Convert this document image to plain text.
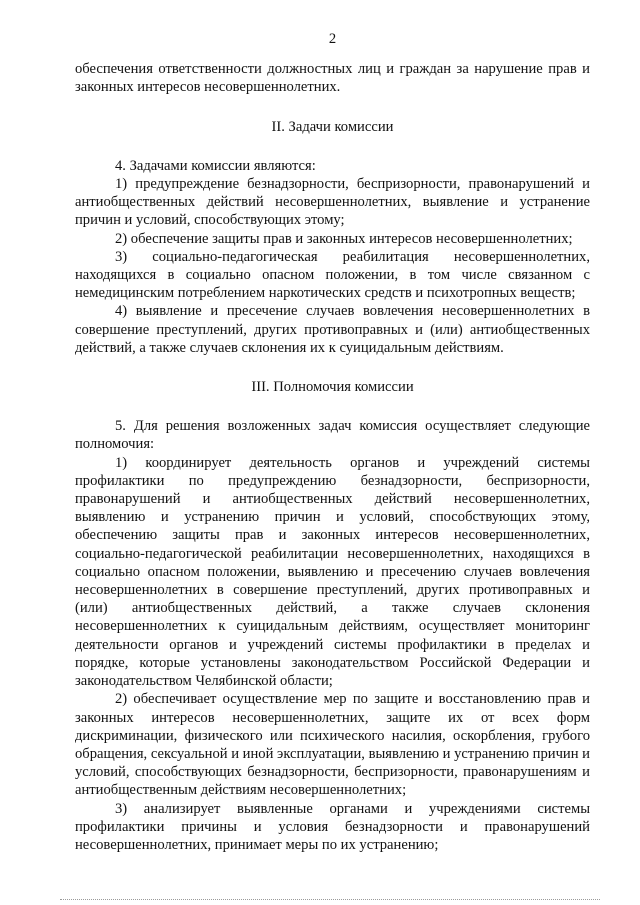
2

обеспечения ответственности должностных лиц и граждан за нарушение прав и законных интересов несовершеннолетних.

II. Задачи комиссии

4. Задачами комиссии являются:

1) предупреждение безнадзорности, беспризорности, правонарушений и антиобщественных действий несовершеннолетних, выявление и устранение причин и условий, способствующих этому;

2) обеспечение защиты прав и законных интересов несовершеннолетних;

3) социально-педагогическая реабилитация несовершеннолетних, находящихся в социально опасном положении, в том числе связанном с немедицинским потреблением наркотических средств и психотропных веществ;

4) выявление и пресечение случаев вовлечения несовершеннолетних в совершение преступлений, других противоправных и (или) антиобщественных действий, а также случаев склонения их к суицидальным действиям.

III. Полномочия комиссии

5. Для решения возложенных задач комиссия осуществляет следующие полномочия:

1) координирует деятельность органов и учреждений системы профилактики по предупреждению безнадзорности, беспризорности, правонарушений и антиобщественных действий несовершеннолетних, выявлению и устранению причин и условий, способствующих этому, обеспечению защиты прав и законных интересов несовершеннолетних, социально-педагогической реабилитации несовершеннолетних, находящихся в социально опасном положении, выявлению и пресечению случаев вовлечения несовершеннолетних в совершение преступлений, других противоправных и (или) антиобщественных действий, а также случаев склонения несовершеннолетних к суицидальным действиям, осуществляет мониторинг деятельности органов и учреждений системы профилактики в пределах и порядке, которые установлены законодательством Российской Федерации и законодательством Челябинской области;

2) обеспечивает осуществление мер по защите и восстановлению прав и законных интересов несовершеннолетних, защите их от всех форм дискриминации, физического или психического насилия, оскорбления, грубого обращения, сексуальной и иной эксплуатации, выявлению и устранению причин и условий, способствующих безнадзорности, беспризорности, правонарушениям и антиобщественным действиям несовершеннолетних;

3) анализирует выявленные органами и учреждениями системы профилактики причины и условия безнадзорности и правонарушений несовершеннолетних, принимает меры по их устранению;
